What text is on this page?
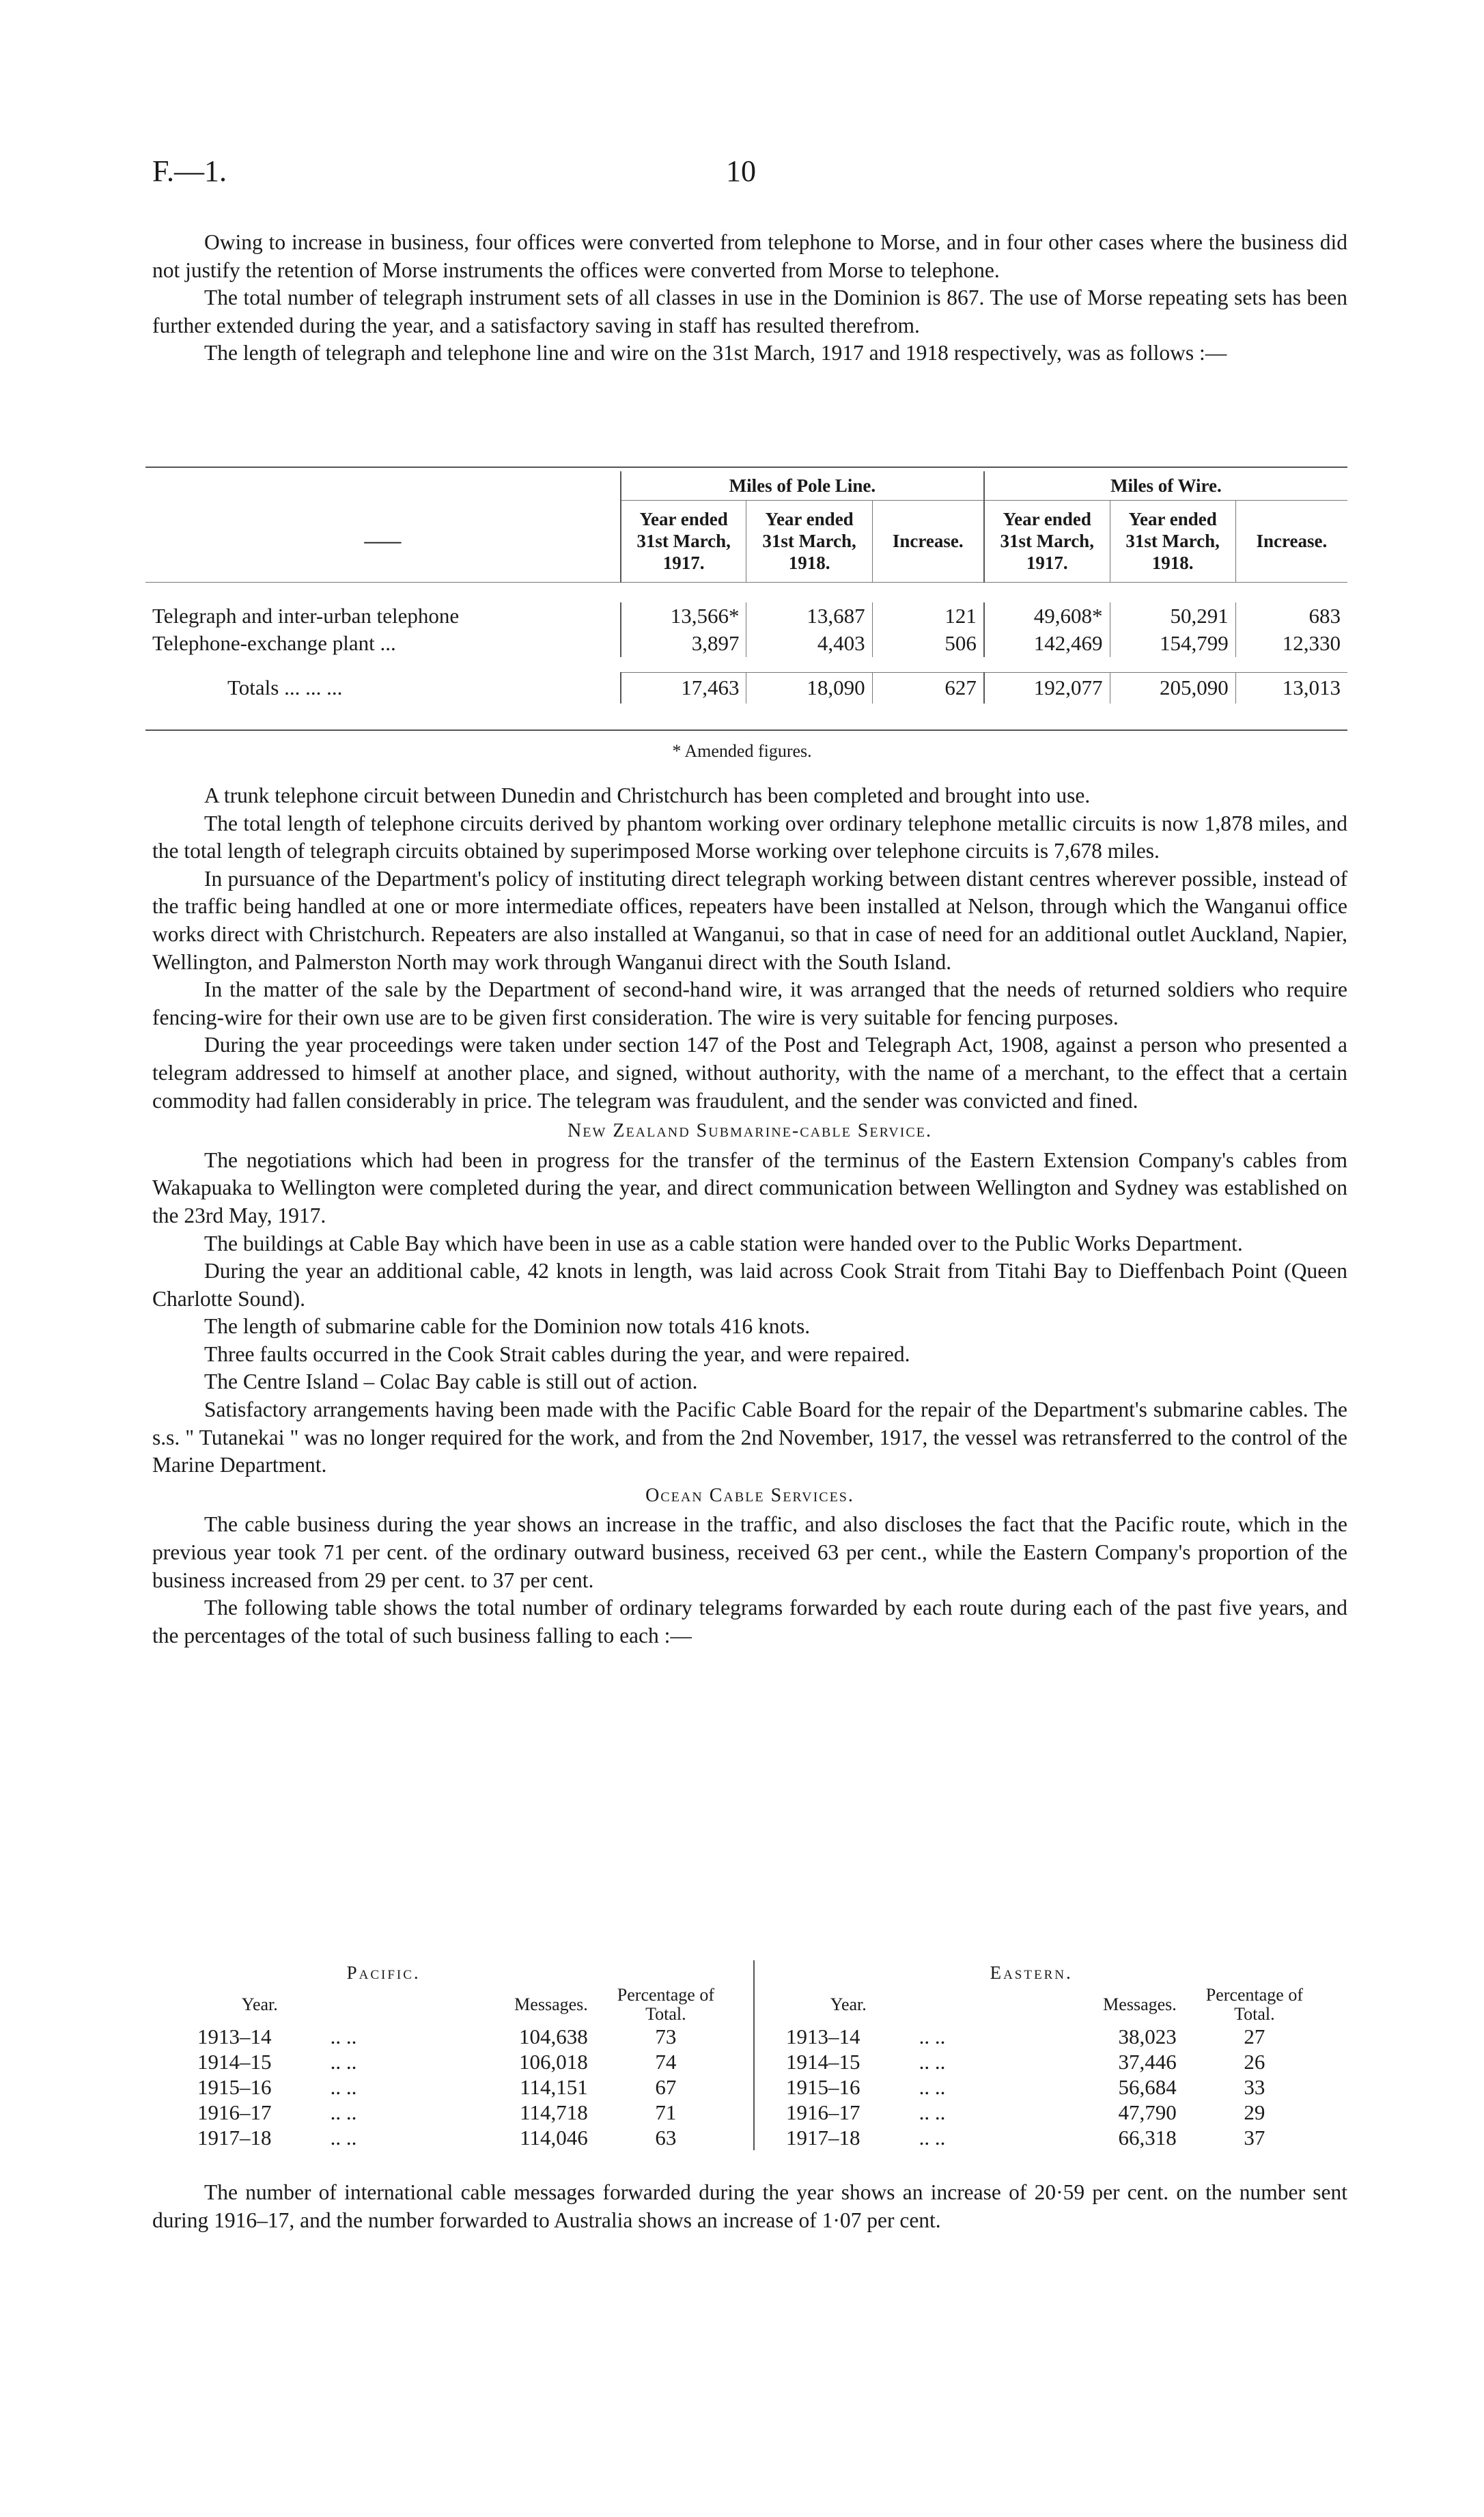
F.—1.	10

Owing to increase in business, four offices were converted from telephone to Morse, and in four other cases where the business did not justify the retention of Morse instruments the offices were converted from Morse to telephone.

The total number of telegraph instrument sets of all classes in use in the Dominion is 867. The use of Morse repeating sets has been further extended during the year, and a satisfactory saving in staff has resulted therefrom.

The length of telegraph and telephone line and wire on the 31st March, 1917 and 1918 respectively, was as follows :—

	Miles of Pole Line.			Miles of Wire.		
——	Year ended 31st March, 1917.	Year ended 31st March, 1918.	Increase.	Year ended 31st March, 1917.	Year ended 31st March, 1918.	Increase.

Telegraph and inter-urban telephone	13,566*	13,687	121	49,608*	50,291	683
Telephone-exchange plant ...	3,897	4,403	506	142,469	154,799	12,330

Totals ... ... ...	17,463	18,090	627	192,077	205,090	13,013
* Amended figures.

A trunk telephone circuit between Dunedin and Christchurch has been completed and brought into use.

The total length of telephone circuits derived by phantom working over ordinary telephone metallic circuits is now 1,878 miles, and the total length of telegraph circuits obtained by superimposed Morse working over telephone circuits is 7,678 miles.

In pursuance of the Department's policy of instituting direct telegraph working between distant centres wherever possible, instead of the traffic being handled at one or more intermediate offices, repeaters have been installed at Nelson, through which the Wanganui office works direct with Christchurch. Repeaters are also installed at Wanganui, so that in case of need for an additional outlet Auckland, Napier, Wellington, and Palmerston North may work through Wanganui direct with the South Island.

In the matter of the sale by the Department of second-hand wire, it was arranged that the needs of returned soldiers who require fencing-wire for their own use are to be given first consideration. The wire is very suitable for fencing purposes.

During the year proceedings were taken under section 147 of the Post and Telegraph Act, 1908, against a person who presented a telegram addressed to himself at another place, and signed, without authority, with the name of a merchant, to the effect that a certain commodity had fallen considerably in price. The telegram was fraudulent, and the sender was convicted and fined.

New Zealand Submarine-cable Service.

The negotiations which had been in progress for the transfer of the terminus of the Eastern Extension Company's cables from Wakapuaka to Wellington were completed during the year, and direct communication between Wellington and Sydney was established on the 23rd May, 1917.

The buildings at Cable Bay which have been in use as a cable station were handed over to the Public Works Department.

During the year an additional cable, 42 knots in length, was laid across Cook Strait from Titahi Bay to Dieffenbach Point (Queen Charlotte Sound).

The length of submarine cable for the Dominion now totals 416 knots.

Three faults occurred in the Cook Strait cables during the year, and were repaired.

The Centre Island – Colac Bay cable is still out of action.

Satisfactory arrangements having been made with the Pacific Cable Board for the repair of the Department's submarine cables. The s.s. " Tutanekai " was no longer required for the work, and from the 2nd November, 1917, the vessel was retransferred to the control of the Marine Department.

Ocean Cable Services.

The cable business during the year shows an increase in the traffic, and also discloses the fact that the Pacific route, which in the previous year took 71 per cent. of the ordinary outward business, received 63 per cent., while the Eastern Company's proportion of the business increased from 29 per cent. to 37 per cent.

The following table shows the total number of ordinary telegrams forwarded by each route during each of the past five years, and the percentages of the total of such business falling to each :—

	Pacific.		
Year.		Messages.	Percentage of Total.
1913–14	.. ..	104,638	73
1914–15	.. ..	106,018	74
1915–16	.. ..	114,151	67
1916–17	.. ..	114,718	71
1917–18	.. ..	114,046	63
	Eastern.		
Year.		Messages.	Percentage of Total.
1913–14	.. ..	38,023	27
1914–15	.. ..	37,446	26
1915–16	.. ..	56,684	33
1916–17	.. ..	47,790	29
1917–18	.. ..	66,318	37

The number of international cable messages forwarded during the year shows an increase of 20·59 per cent. on the number sent during 1916–17, and the number forwarded to Australia shows an increase of 1·07 per cent.
